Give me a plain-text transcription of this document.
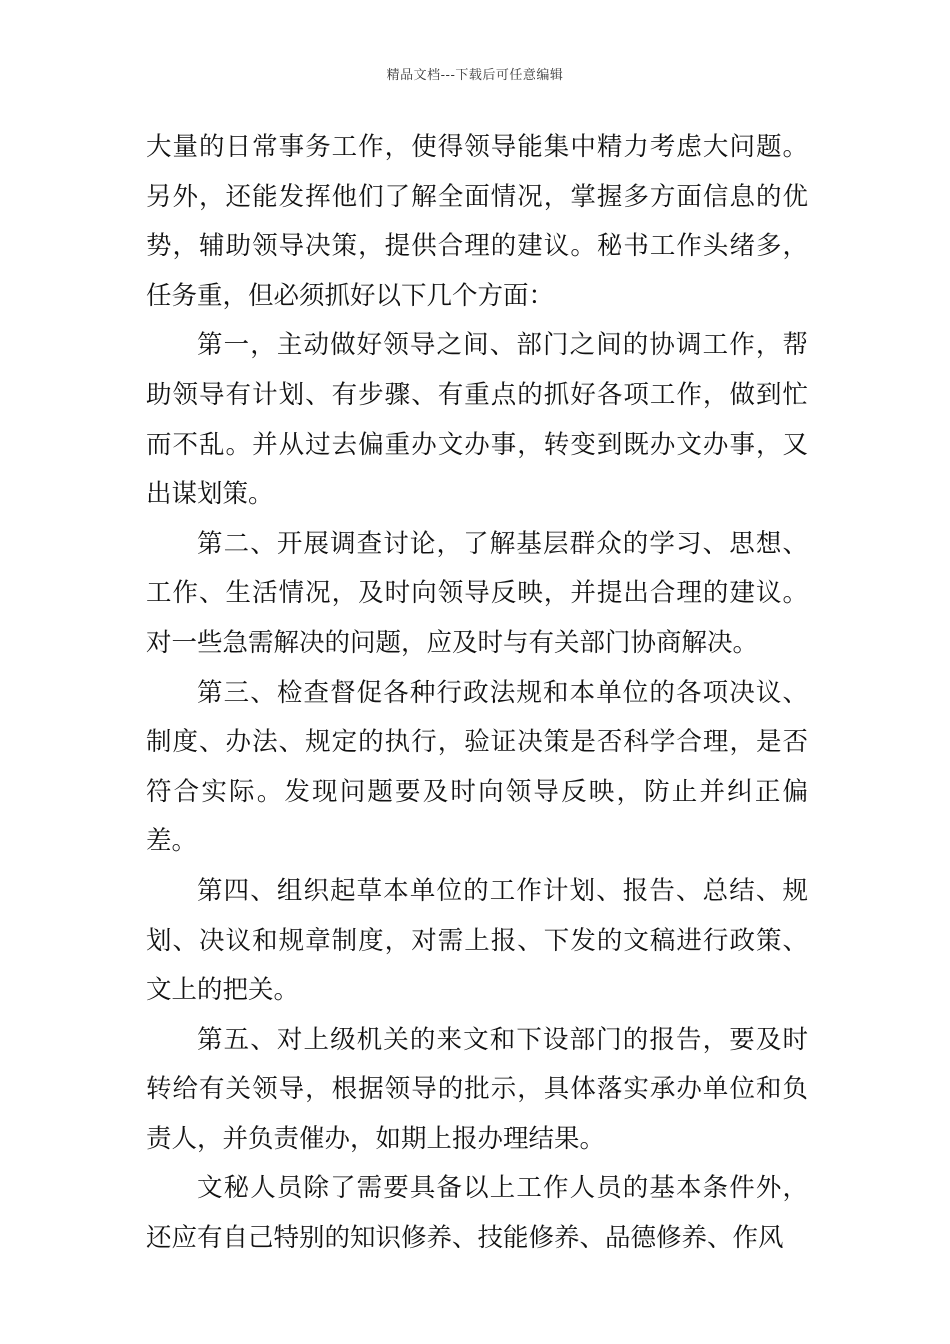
精品文档---下载后可任意编辑

大量的日常事务工作，使得领导能集中精力考虑大问题。另外，还能发挥他们了解全面情况，掌握多方面信息的优势，辅助领导决策，提供合理的建议。秘书工作头绪多，任务重，但必须抓好以下几个方面：

第一，主动做好领导之间、部门之间的协调工作，帮助领导有计划、有步骤、有重点的抓好各项工作，做到忙而不乱。并从过去偏重办文办事，转变到既办文办事，又出谋划策。

第二、开展调查讨论，了解基层群众的学习、思想、工作、生活情况，及时向领导反映，并提出合理的建议。对一些急需解决的问题，应及时与有关部门协商解决。

第三、检查督促各种行政法规和本单位的各项决议、制度、办法、规定的执行，验证决策是否科学合理，是否符合实际。发现问题要及时向领导反映，防止并纠正偏差。

第四、组织起草本单位的工作计划、报告、总结、规划、决议和规章制度，对需上报、下发的文稿进行政策、文上的把关。

第五、对上级机关的来文和下设部门的报告，要及时转给有关领导，根据领导的批示，具体落实承办单位和负责人，并负责催办，如期上报办理结果。

文秘人员除了需要具备以上工作人员的基本条件外，还应有自己特别的知识修养、技能修养、品德修养、作风
